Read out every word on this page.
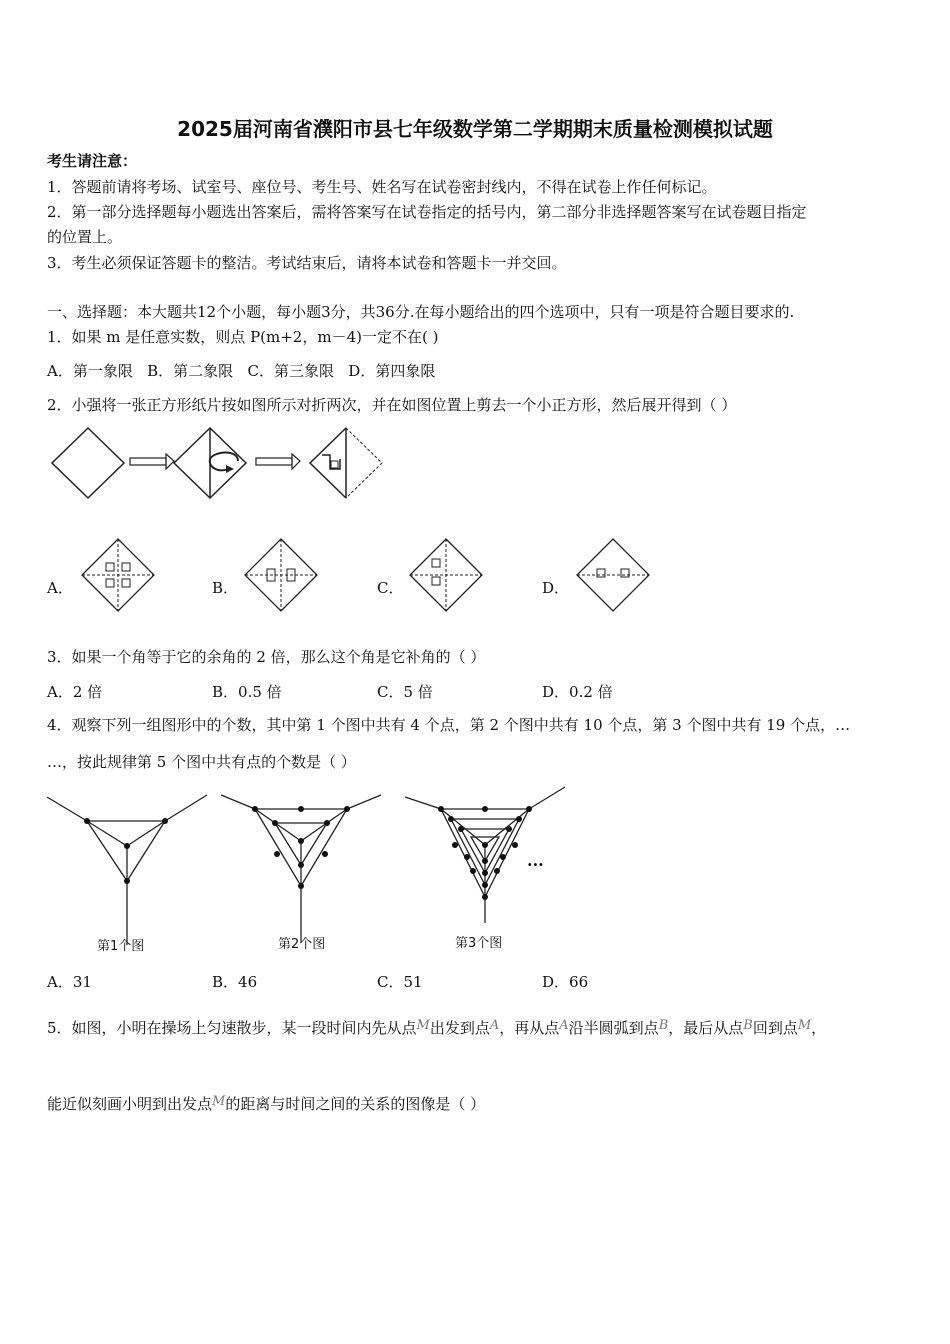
2025届河南省濮阳市县七年级数学第二学期期末质量检测模拟试题
考生请注意：
1．答题前请将考场、试室号、座位号、考生号、姓名写在试卷密封线内，不得在试卷上作任何标记。
2．第一部分选择题每小题选出答案后，需将答案写在试卷指定的括号内，第二部分非选择题答案写在试卷题目指定
的位置上。
3．考生必须保证答题卡的整洁。考试结束后，请将本试卷和答题卡一并交回。
一、选择题：本大题共12个小题，每小题3分，共36分.在每小题给出的四个选项中，只有一项是符合题目要求的.
1．如果 m 是任意实数，则点 P(m+2，m－4)一定不在( )
A．第一象限 B．第二象限 C．第三象限 D．第四象限
2．小强将一张正方形纸片按如图所示对折两次，并在如图位置上剪去一个小正方形，然后展开得到（ ）
A．	B．	C．	D．
3．如果一个角等于它的余角的 2 倍，那么这个角是它补角的（ ）
A．2 倍	B．0.5 倍	C．5 倍	D．0.2 倍
4．观察下列一组图形中的个数，其中第 1 个图中共有 4 个点，第 2 个图中共有 10 个点，第 3 个图中共有 19 个点，…
…，按此规律第 5 个图中共有点的个数是（ ）
···
第1个图	第2个图	第3个图
A．31	B．46	C．51	D．66
5．如图，小明在操场上匀速散步，某一段时间内先从点M出发到点A，再从点A沿半圆弧到点B，最后从点B回到点M，
能近似刻画小明到出发点M的距离与时间之间的关系的图像是（ ）
